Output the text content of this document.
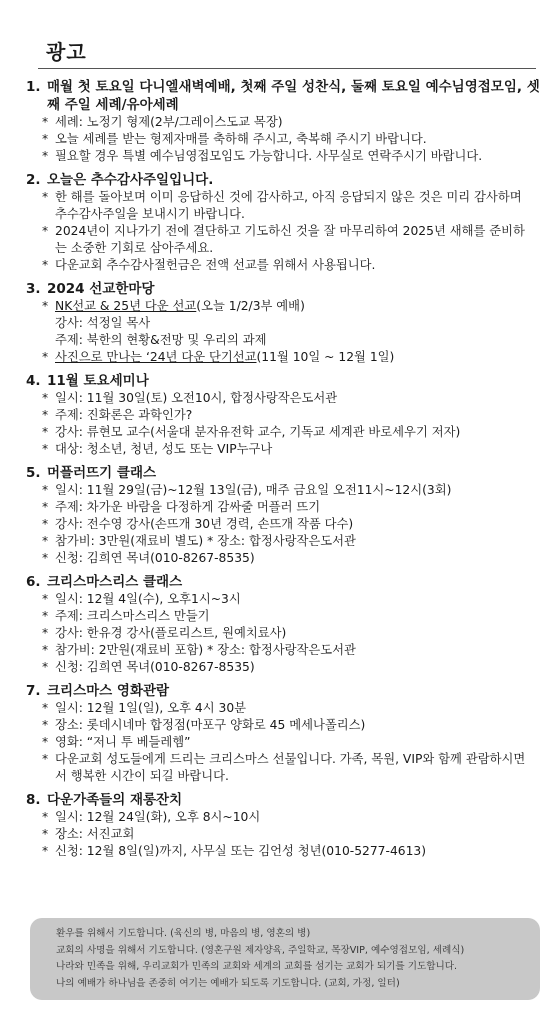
광고
1. 매월 첫 토요일 다니엘새벽예배, 첫째 주일 성찬식, 둘째 토요일 예수님영접모임, 셋째 주일 세례/유아세례
* 세례: 노정기 형제(2부/그레이스도교 목장)
* 오늘 세례를 받는 형제자매를 축하해 주시고, 축복해 주시기 바랍니다.
* 필요할 경우 특별 예수님영접모임도 가능합니다. 사무실로 연락주시기 바랍니다.
2. 오늘은 추수감사주일입니다.
* 한 해를 돌아보며 이미 응답하신 것에 감사하고, 아직 응답되지 않은 것은 미리 감사하며 추수감사주일을 보내시기 바랍니다.
* 2024년이 지나가기 전에 결단하고 기도하신 것을 잘 마무리하여 2025년 새해를 준비하는 소중한 기회로 삼아주세요.
* 다운교회 추수감사절헌금은 전액 선교를 위해서 사용됩니다.
3. 2024 선교한마당
* NK선교 & 25년 다운 선교(오늘 1/2/3부 예배)
강사: 석정일 목사
주제: 북한의 현황&전망 및 우리의 과제
* 사진으로 만나는 ‘24년 다운 단기선교(11월 10일 ~ 12월 1일)
4. 11월 토요세미나
* 일시: 11월 30일(토) 오전10시, 합정사랑작은도서관
* 주제: 진화론은 과학인가?
* 강사: 류현모 교수(서울대 분자유전학 교수, 기독교 세계관 바로세우기 저자)
* 대상: 청소년, 청년, 성도 또는 VIP누구나
5. 머플러뜨기 클래스
* 일시: 11월 29일(금)~12월 13일(금), 매주 금요일 오전11시~12시(3회)
* 주제: 차가운 바람을 다정하게 감싸줄 머플러 뜨기
* 강사: 전수영 강사(손뜨개 30년 경력, 손뜨개 작품 다수)
* 참가비: 3만원(재료비 별도) * 장소: 합정사랑작은도서관
* 신청: 김희연 목녀(010-8267-8535)
6. 크리스마스리스 클래스
* 일시: 12월 4일(수), 오후1시~3시
* 주제: 크리스마스리스 만들기
* 강사: 한유경 강사(플로리스트, 원예치료사)
* 참가비: 2만원(재료비 포함) * 장소: 합정사랑작은도서관
* 신청: 김희연 목녀(010-8267-8535)
7. 크리스마스 영화관람
* 일시: 12월 1일(일), 오후 4시 30분
* 장소: 롯데시네마 합정점(마포구 양화로 45 메세나폴리스)
* 영화: “저니 투 베들레헴”
* 다운교회 성도들에게 드리는 크리스마스 선물입니다. 가족, 목원, VIP와 함께 관람하시면서 행복한 시간이 되길 바랍니다.
8. 다운가족들의 재롱잔치
* 일시: 12월 24일(화), 오후 8시~10시
* 장소: 서진교회
* 신청: 12월 8일(일)까지, 사무실 또는 김언성 청년(010-5277-4613)
환우를 위해서 기도합니다. (육신의 병, 마음의 병, 영혼의 병)
교회의 사명을 위해서 기도합니다. (영혼구원 제자양육, 주일학교, 목장VIP, 예수영접모임, 세례식)
나라와 민족을 위해, 우리교회가 민족의 교회와 세계의 교회를 섬기는 교회가 되기를 기도합니다.
나의 예배가 하나님을 존중히 여기는 예배가 되도록 기도합니다. (교회, 가정, 일터)
